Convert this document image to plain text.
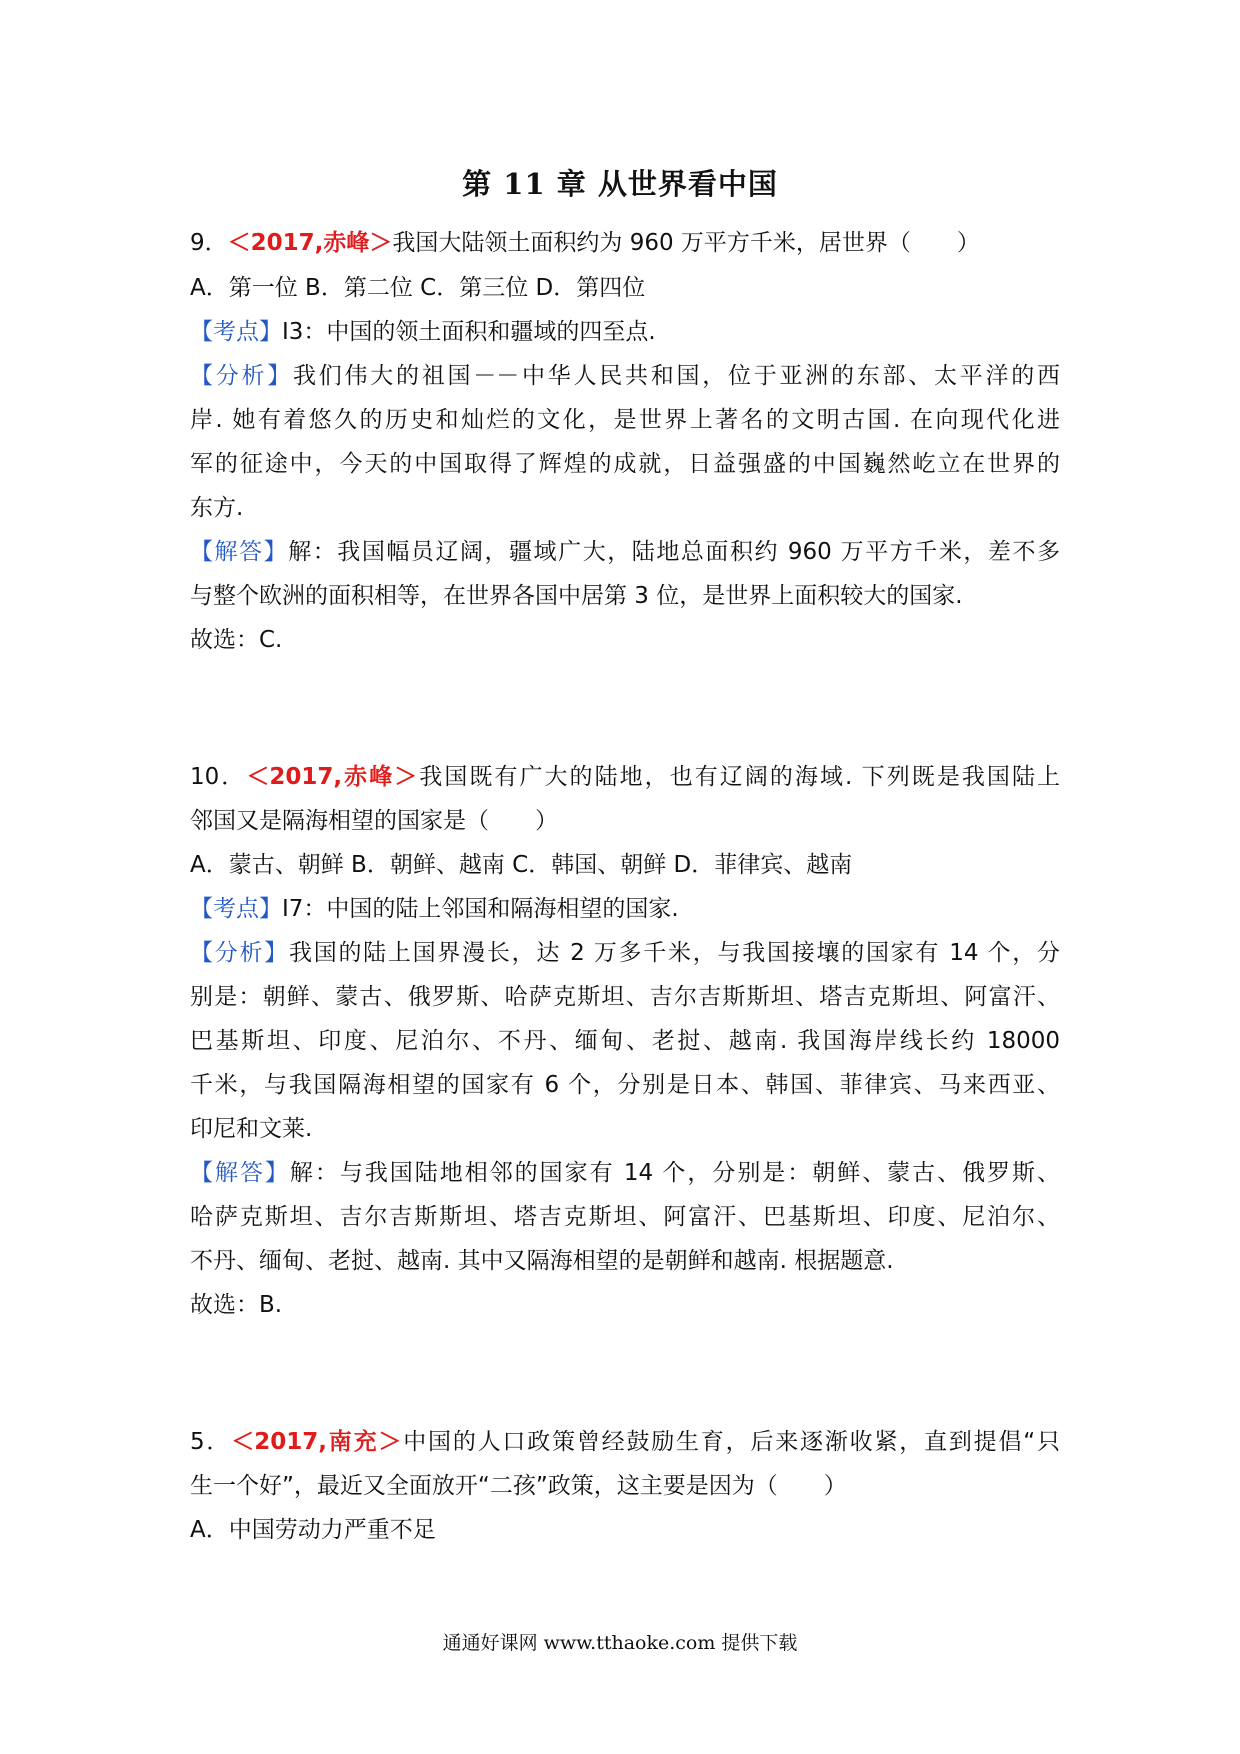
第 11 章 从世界看中国

9．＜2017,赤峰＞我国大陆领土面积约为 960 万平方千米，居世界（　　）

A．第一位 B．第二位 C．第三位 D．第四位

【考点】I3：中国的领土面积和疆域的四至点.

【分析】我们伟大的祖国－－中华人民共和国，位于亚洲的东部、太平洋的西

岸. 她有着悠久的历史和灿烂的文化，是世界上著名的文明古国. 在向现代化进

军的征途中，今天的中国取得了辉煌的成就，日益强盛的中国巍然屹立在世界的

东方.

【解答】解：我国幅员辽阔，疆域广大，陆地总面积约 960 万平方千米，差不多

与整个欧洲的面积相等，在世界各国中居第 3 位，是世界上面积较大的国家.

故选：C.

10．＜2017,赤峰＞我国既有广大的陆地，也有辽阔的海域. 下列既是我国陆上

邻国又是隔海相望的国家是（　　）

A．蒙古、朝鲜 B．朝鲜、越南 C．韩国、朝鲜 D．菲律宾、越南

【考点】I7：中国的陆上邻国和隔海相望的国家.

【分析】我国的陆上国界漫长，达 2 万多千米，与我国接壤的国家有 14 个，分

别是：朝鲜、蒙古、俄罗斯、哈萨克斯坦、吉尔吉斯斯坦、塔吉克斯坦、阿富汗、

巴基斯坦、印度、尼泊尔、不丹、缅甸、老挝、越南. 我国海岸线长约 18000

千米，与我国隔海相望的国家有 6 个，分别是日本、韩国、菲律宾、马来西亚、

印尼和文莱.

【解答】解：与我国陆地相邻的国家有 14 个，分别是：朝鲜、蒙古、俄罗斯、

哈萨克斯坦、吉尔吉斯斯坦、塔吉克斯坦、阿富汗、巴基斯坦、印度、尼泊尔、

不丹、缅甸、老挝、越南. 其中又隔海相望的是朝鲜和越南. 根据题意.

故选：B.

5．＜2017,南充＞中国的人口政策曾经鼓励生育，后来逐渐收紧，直到提倡“只

生一个好”，最近又全面放开“二孩”政策，这主要是因为（　　）

A．中国劳动力严重不足

通通好课网 www.tthaoke.com 提供下载
